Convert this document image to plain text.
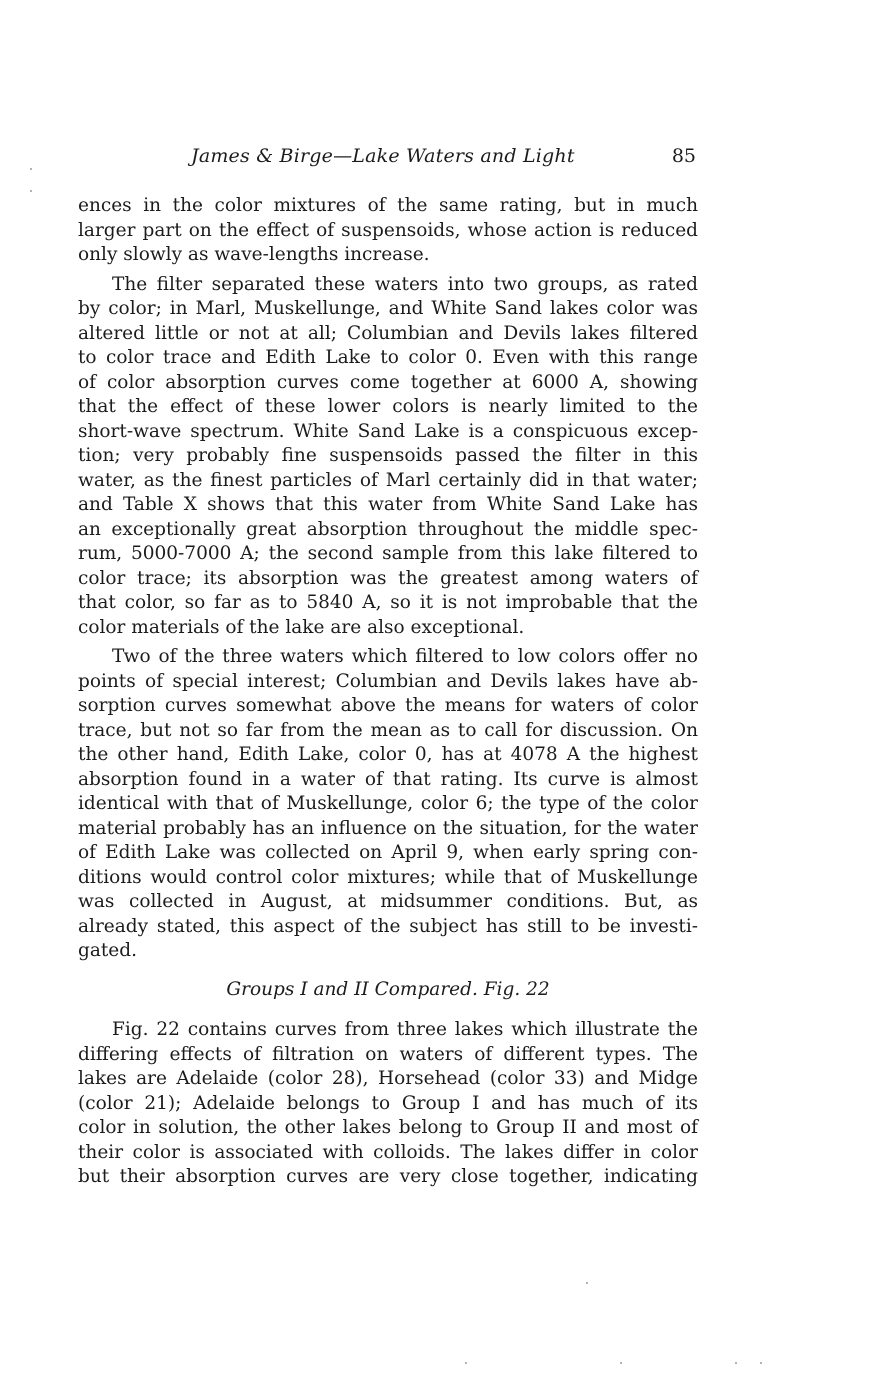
James & Birge—Lake Waters and Light	85
ences in the color mixtures of the same rating, but in much
larger part on the effect of suspensoids, whose action is reduced
only slowly as wave-lengths increase.
The filter separated these waters into two groups, as rated
by color; in Marl, Muskellunge, and White Sand lakes color was
altered little or not at all; Columbian and Devils lakes filtered
to color trace and Edith Lake to color 0. Even with this range
of color absorption curves come together at 6000 A, showing
that the effect of these lower colors is nearly limited to the
short-wave spectrum. White Sand Lake is a conspicuous excep-
tion; very probably fine suspensoids passed the filter in this
water, as the finest particles of Marl certainly did in that water;
and Table X shows that this water from White Sand Lake has
an exceptionally great absorption throughout the middle spec-
rum, 5000-7000 A; the second sample from this lake filtered to
color trace; its absorption was the greatest among waters of
that color, so far as to 5840 A, so it is not improbable that the
color materials of the lake are also exceptional.
Two of the three waters which filtered to low colors offer no
points of special interest; Columbian and Devils lakes have ab-
sorption curves somewhat above the means for waters of color
trace, but not so far from the mean as to call for discussion. On
the other hand, Edith Lake, color 0, has at 4078 A the highest
absorption found in a water of that rating. Its curve is almost
identical with that of Muskellunge, color 6; the type of the color
material probably has an influence on the situation, for the water
of Edith Lake was collected on April 9, when early spring con-
ditions would control color mixtures; while that of Muskellunge
was collected in August, at midsummer conditions. But, as
already stated, this aspect of the subject has still to be investi-
gated.
Groups I and II Compared. Fig. 22
Fig. 22 contains curves from three lakes which illustrate the
differing effects of filtration on waters of different types. The
lakes are Adelaide (color 28), Horsehead (color 33) and Midge
(color 21); Adelaide belongs to Group I and has much of its
color in solution, the other lakes belong to Group II and most of
their color is associated with colloids. The lakes differ in color
but their absorption curves are very close together, indicating
